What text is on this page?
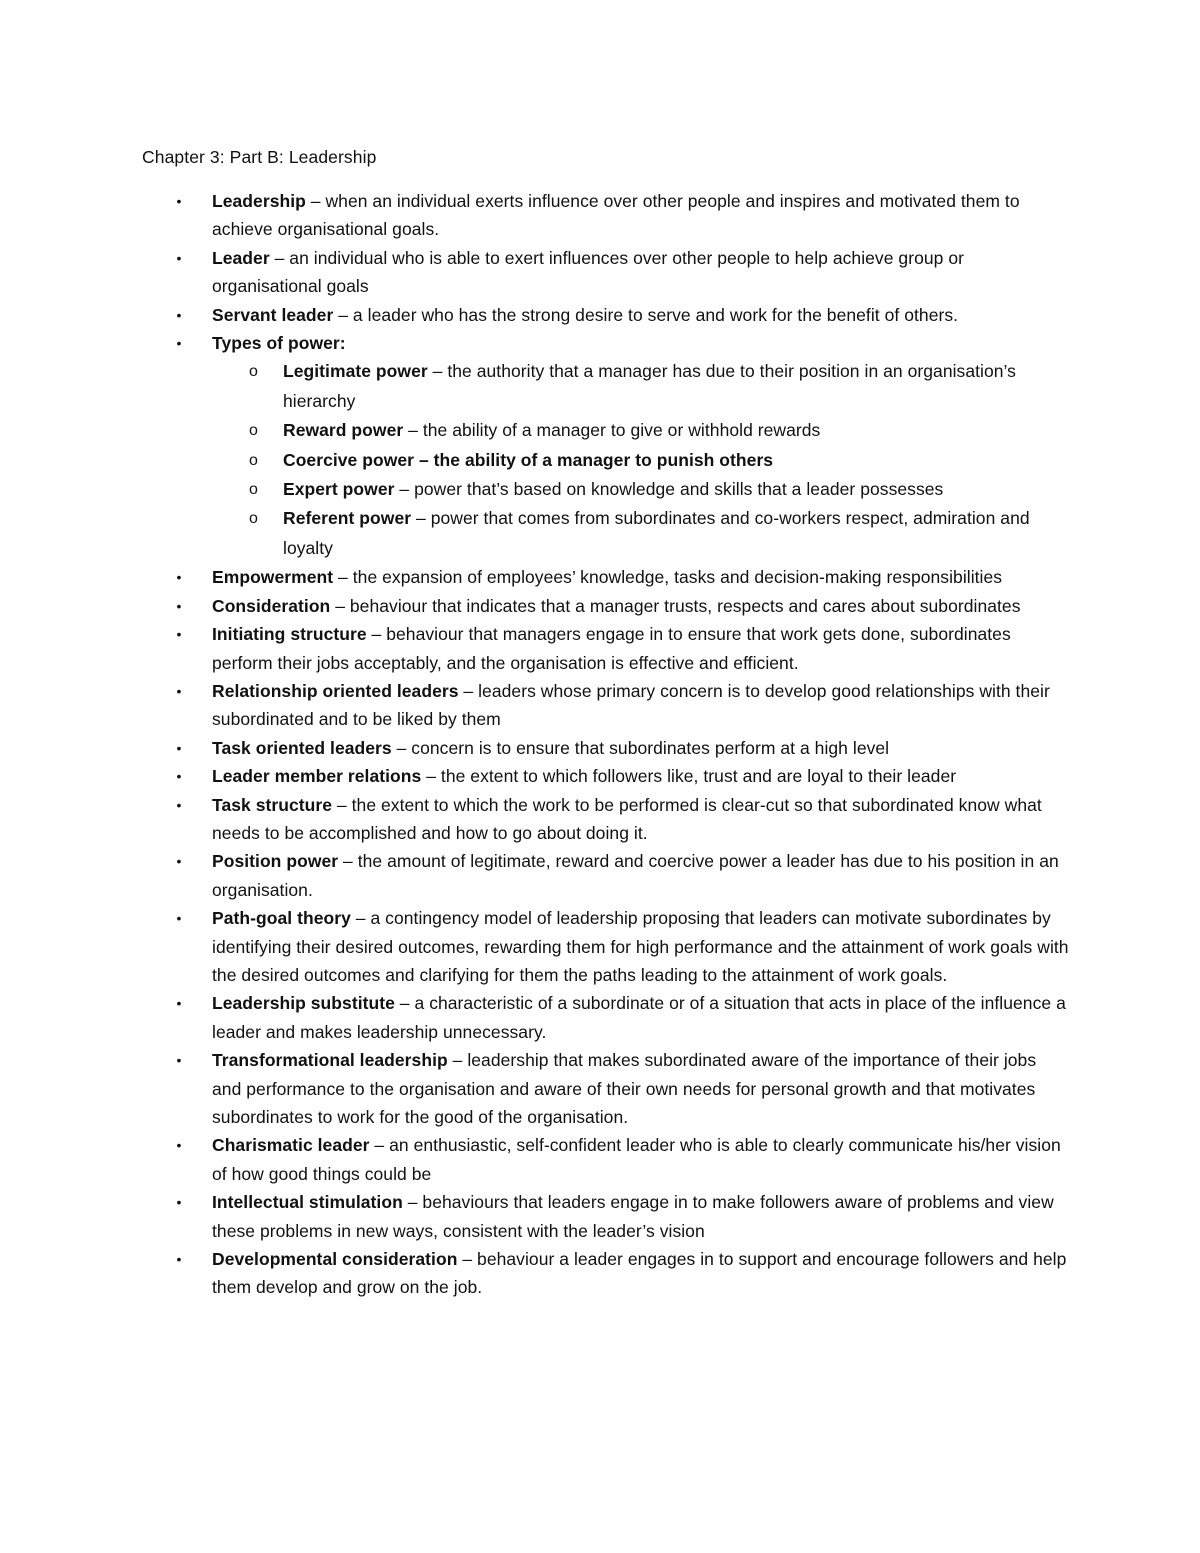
Chapter 3: Part B: Leadership
• Leadership – when an individual exerts influence over other people and inspires and motivated them to achieve organisational goals.
• Leader – an individual who is able to exert influences over other people to help achieve group or organisational goals
• Servant leader – a leader who has the strong desire to serve and work for the benefit of others.
• Types of power:
o Legitimate power – the authority that a manager has due to their position in an organisation’s hierarchy
o Reward power – the ability of a manager to give or withhold rewards
o Coercive power – the ability of a manager to punish others
o Expert power – power that’s based on knowledge and skills that a leader possesses
o Referent power – power that comes from subordinates and co-workers respect, admiration and loyalty
• Empowerment – the expansion of employees’ knowledge, tasks and decision-making responsibilities
• Consideration – behaviour that indicates that a manager trusts, respects and cares about subordinates
• Initiating structure – behaviour that managers engage in to ensure that work gets done, subordinates perform their jobs acceptably, and the organisation is effective and efficient.
• Relationship oriented leaders – leaders whose primary concern is to develop good relationships with their subordinated and to be liked by them
• Task oriented leaders – concern is to ensure that subordinates perform at a high level
• Leader member relations – the extent to which followers like, trust and are loyal to their leader
• Task structure – the extent to which the work to be performed is clear-cut so that subordinated know what needs to be accomplished and how to go about doing it.
• Position power – the amount of legitimate, reward and coercive power a leader has due to his position in an organisation.
• Path-goal theory – a contingency model of leadership proposing that leaders can motivate subordinates by identifying their desired outcomes, rewarding them for high performance and the attainment of work goals with the desired outcomes and clarifying for them the paths leading to the attainment of work goals.
• Leadership substitute – a characteristic of a subordinate or of a situation that acts in place of the influence a leader and makes leadership unnecessary.
• Transformational leadership – leadership that makes subordinated aware of the importance of their jobs and performance to the organisation and aware of their own needs for personal growth and that motivates subordinates to work for the good of the organisation.
• Charismatic leader – an enthusiastic, self-confident leader who is able to clearly communicate his/her vision of how good things could be
• Intellectual stimulation – behaviours that leaders engage in to make followers aware of problems and view these problems in new ways, consistent with the leader’s vision
• Developmental consideration – behaviour a leader engages in to support and encourage followers and help them develop and grow on the job.
